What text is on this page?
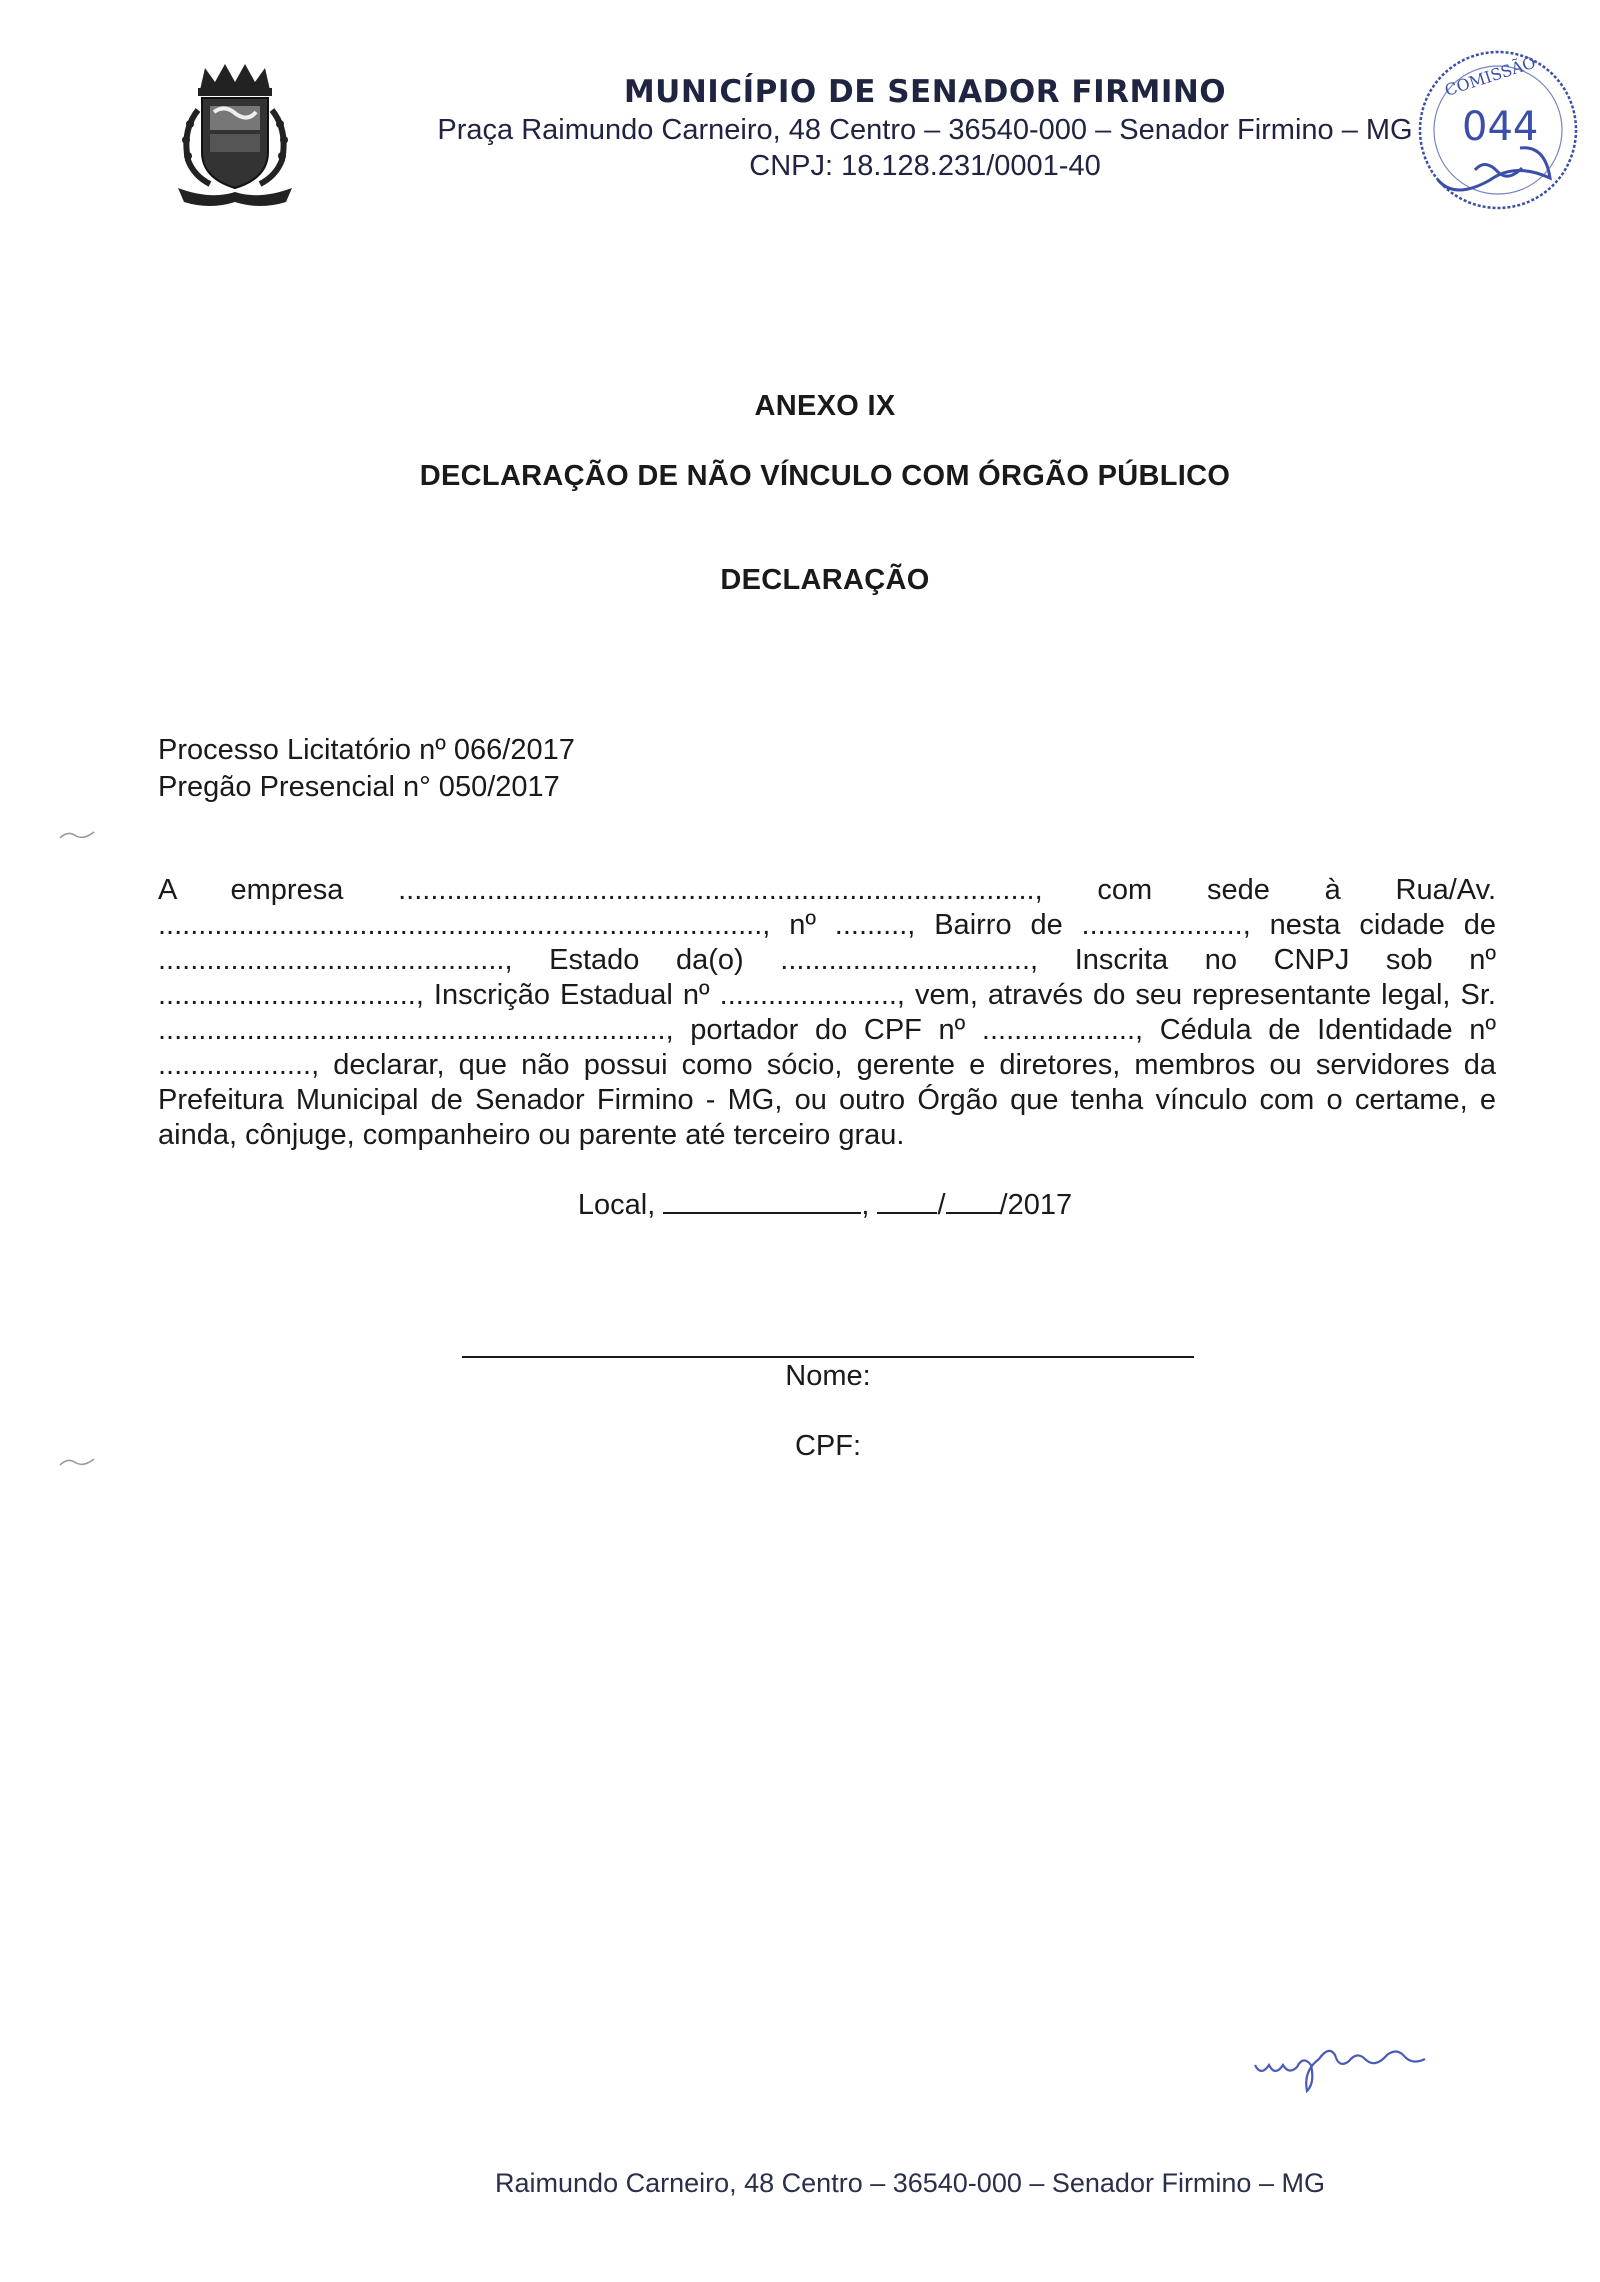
MUNICÍPIO DE SENADOR FIRMINO

Praça Raimundo Carneiro, 48 Centro – 36540-000 – Senador Firmino – MG

CNPJ: 18.128.231/0001-40

COMISSÃO
044

ANEXO IX

DECLARAÇÃO DE NÃO VÍNCULO COM ÓRGÃO PÚBLICO

DECLARAÇÃO

Processo Licitatório nº 066/2017
Pregão Presencial n° 050/2017

A empresa ..............................................................................., com sede à Rua/Av. ..........................................................................., nº ........., Bairro de ...................., nesta cidade de ..........................................., Estado da(o) ..............................., Inscrita no CNPJ sob nº ................................, Inscrição Estadual nº ......................, vem, através do seu representante legal, Sr. ..............................................................., portador do CPF nº ..................., Cédula de Identidade nº ..................., declarar, que não possui como sócio, gerente e diretores, membros ou servidores da Prefeitura Municipal de Senador Firmino - MG, ou outro Órgão que tenha vínculo com o certame, e ainda, cônjuge, companheiro ou parente até terceiro grau.

Local,	, / /2017

Nome:

CPF:

Raimundo Carneiro, 48 Centro – 36540-000 – Senador Firmino – MG
